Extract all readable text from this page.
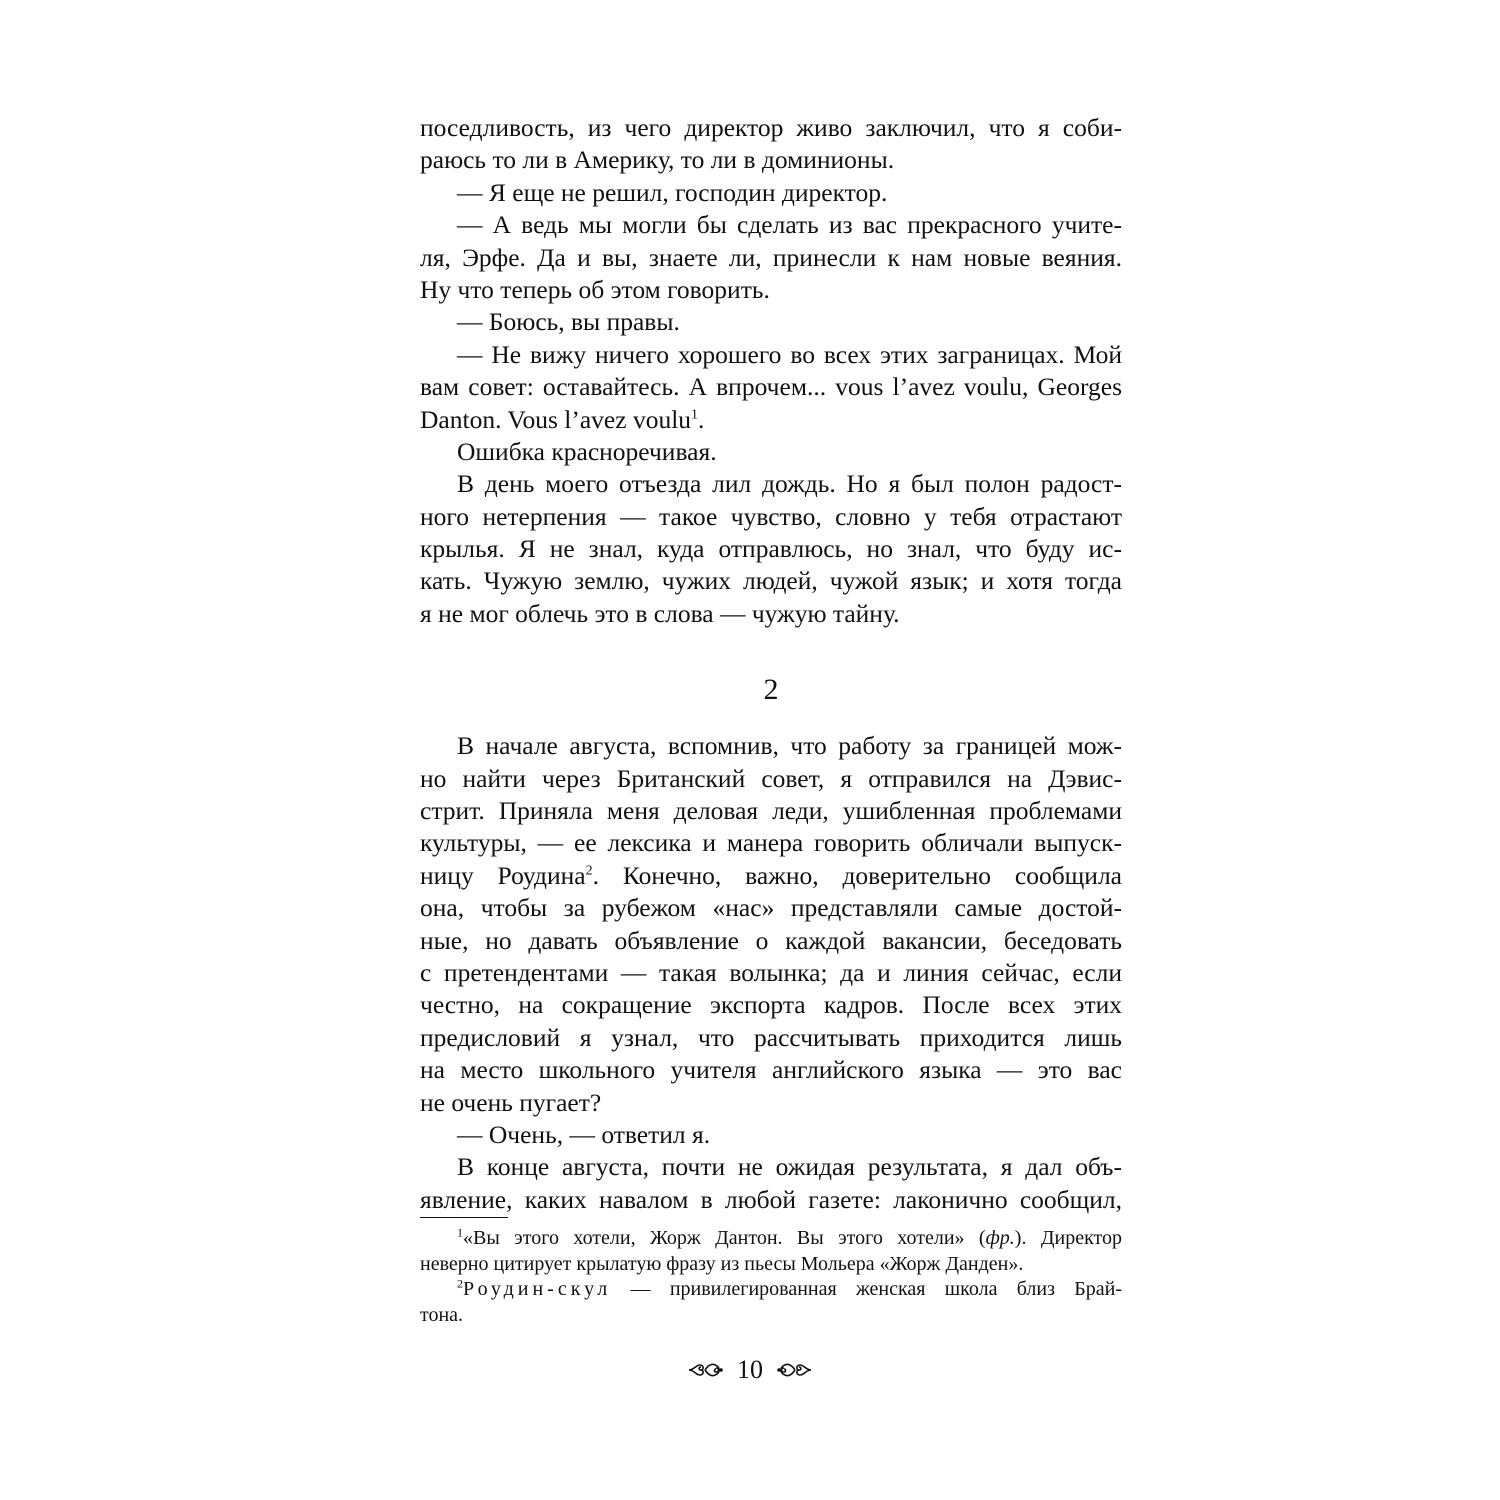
поседливость, из чего директор живо заключил, что я соби-
раюсь то ли в Америку, то ли в доминионы.
— Я еще не решил, господин директор.
— А ведь мы могли бы сделать из вас прекрасного учите-
ля, Эрфе. Да и вы, знаете ли, принесли к нам новые веяния.
Ну что теперь об этом говорить.
— Боюсь, вы правы.
— Не вижу ничего хорошего во всех этих заграницах. Мой
вам совет: оставайтесь. А впрочем... vous l’avez voulu, Georges
Danton. Vous l’avez voulu$^1$.
Ошибка красноречивая.
В день моего отъезда лил дождь. Но я был полон радост-
ного нетерпения — такое чувство, словно у тебя отрастают
крылья. Я не знал, куда отправлюсь, но знал, что буду ис-
кать. Чужую землю, чужих людей, чужой язык; и хотя тогда
я не мог облечь это в слова — чужую тайну.
2
В начале августа, вспомнив, что работу за границей мож-
но найти через Британский совет, я отправился на Дэвис-
стрит. Приняла меня деловая леди, ушибленная проблемами
культуры, — ее лексика и манера говорить обличали выпуск-
ницу Роудина$^2$. Конечно, важно, доверительно сообщила
она, чтобы за рубежом «нас» представляли самые достой-
ные, но давать объявление о каждой вакансии, беседовать
с претендентами — такая волынка; да и линия сейчас, если
честно, на сокращение экспорта кадров. После всех этих
предисловий я узнал, что рассчитывать приходится лишь
на место школьного учителя английского языка — это вас
не очень пугает?
— Очень, — ответил я.
В конце августа, почти не ожидая результата, я дал объ-
явление, каких навалом в любой газете: лаконично сообщил,
$^1$«Вы этого хотели, Жорж Дантон. Вы этого хотели» (фр.). Директор
неверно цитирует крылатую фразу из пьесы Мольера «Жорж Данден».
$^2$Роудин-скул — привилегированная женская школа близ Брай-
тона.
10
